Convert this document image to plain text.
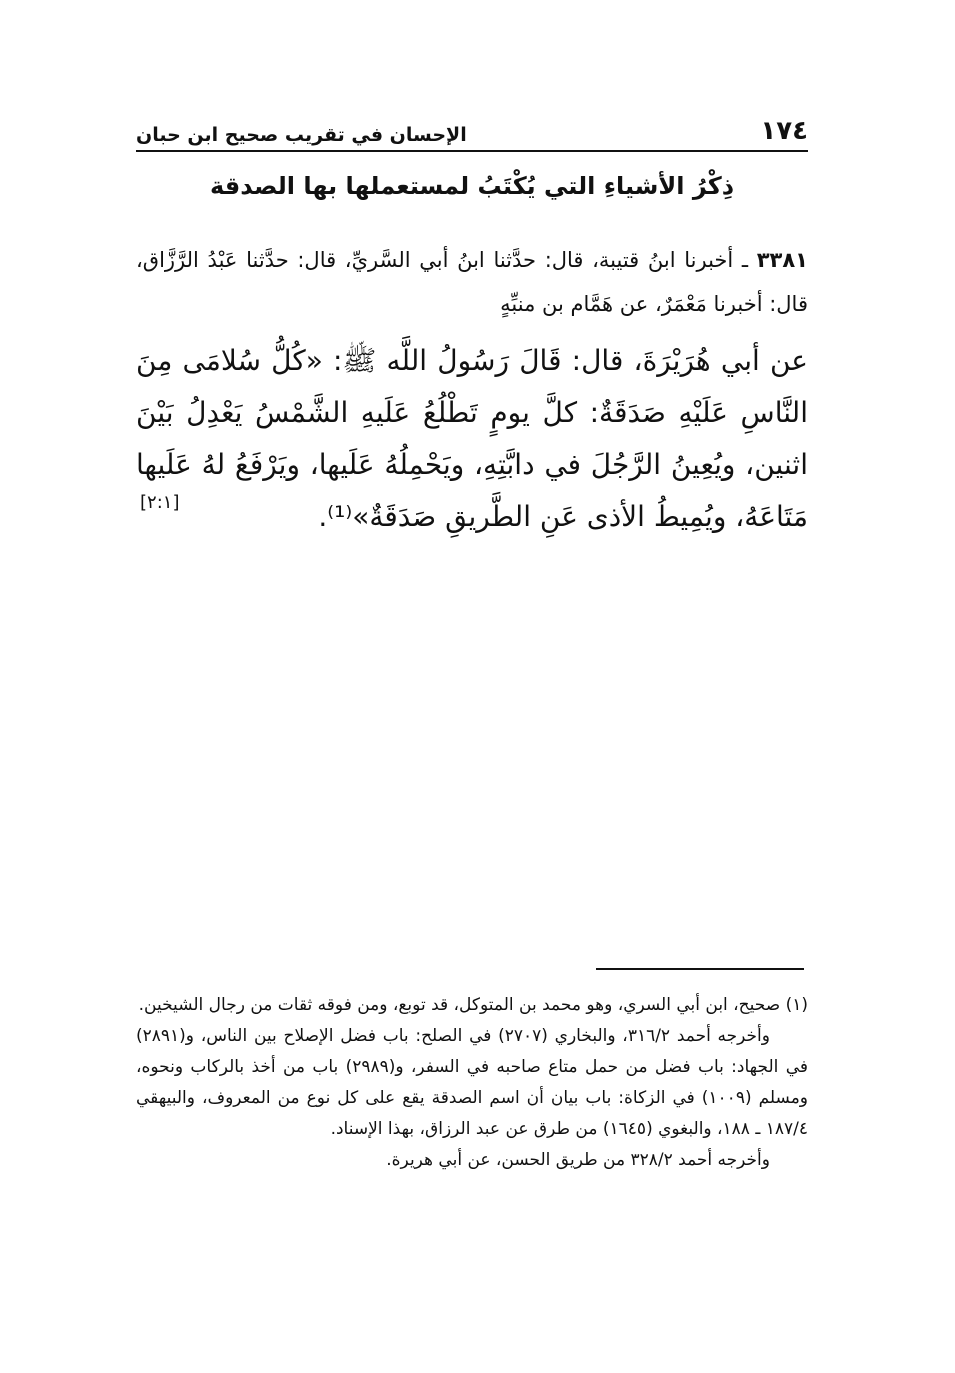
١٧٤
الإحسان في تقريب صحيح ابن حبان
ذِكْرُ الأشياءِ التي يُكْتَبُ لمستعملها بها الصدقة
٣٣٨١ ـ أخبرنا ابنُ قتيبة، قال: حدَّثنا ابنُ أبي السَّريِّ، قال: حدَّثنا عَبْدُ الرَّزَّاق، قال: أخبرنا مَعْمَرٌ، عن هَمَّام بن منبِّهٍ
عن أبي هُرَيْرَةَ، قال: قَالَ رَسُولُ اللَّه ﷺ: «كُلُّ سُلامَى مِنَ النَّاسِ عَلَيْهِ صَدَقَةٌ: كلَّ يومٍ تَطْلُعُ عَلَيهِ الشَّمْسُ يَعْدِلُ بَيْنَ اثنين، ويُعِينُ الرَّجُلَ في دابَّتِهِ، ويَحْمِلُهُ عَلَيها، ويَرْفَعُ لهُ عَلَيها مَتَاعَهُ، ويُمِيطُ الأذى عَنِ الطَّريقِ صَدَقَةٌ»⁽¹⁾.
[٢:١]

(١) صحيح، ابن أبي السري، وهو محمد بن المتوكل، قد توبع، ومن فوقه ثقات من رجال الشيخين.

وأخرجه أحمد ٣١٦/٢، والبخاري (٢٧٠٧) في الصلح: باب فضل الإصلاح بين الناس، و(٢٨٩١) في الجهاد: باب فضل من حمل متاع صاحبه في السفر، و(٢٩٨٩) باب من أخذ بالركاب ونحوه، ومسلم (١٠٠٩) في الزكاة: باب بيان أن اسم الصدقة يقع على كل نوع من المعروف، والبيهقي ١٨٧/٤ ـ ١٨٨، والبغوي (١٦٤٥) من طرق عن عبد الرزاق، بهذا الإسناد.

وأخرجه أحمد ٣٢٨/٢ من طريق الحسن، عن أبي هريرة.
